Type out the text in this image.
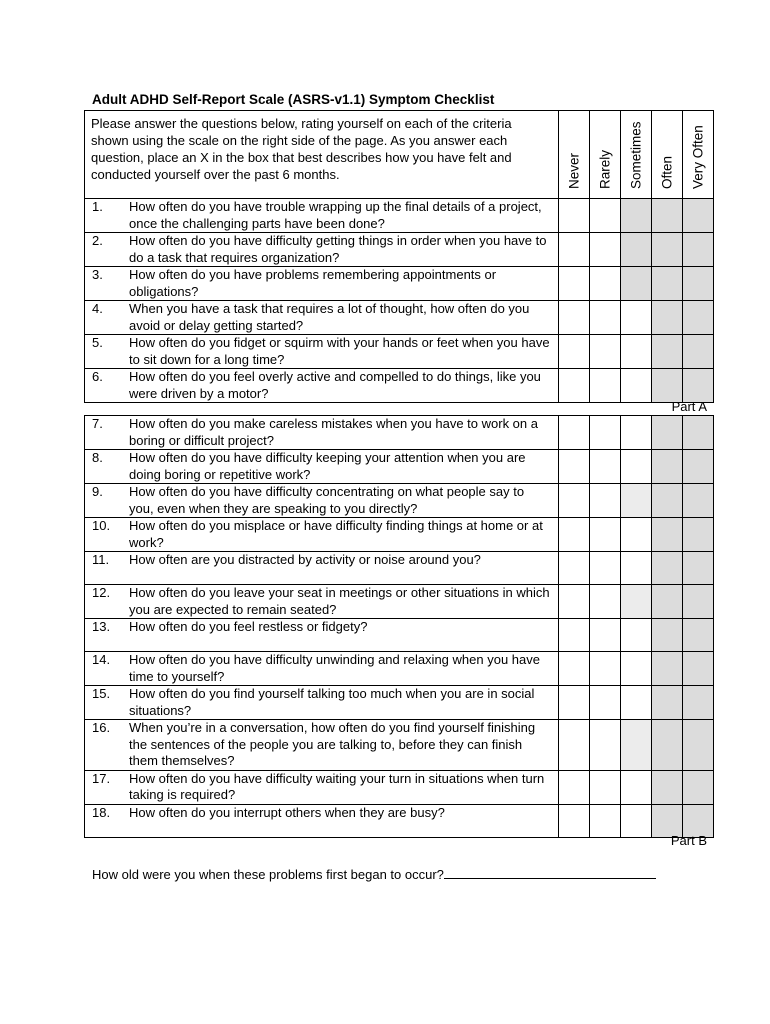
Adult ADHD Self-Report Scale (ASRS-v1.1) Symptom Checklist
Please answer the questions below, rating yourself on each of the criteria shown using the scale on the right side of the page. As you answer each question, place an X in the box that best describes how you have felt and conducted yourself over the past 6 months.	Never	Rarely	Sometimes	Often	Very Often

1. How often do you have trouble wrapping up the final details of a project, once the challenging parts have been done?					
2. How often do you have difficulty getting things in order when you have to do a task that requires organization?					
3. How often do you have problems remembering appointments or obligations?					
4. When you have a task that requires a lot of thought, how often do you avoid or delay getting started?					
5. How often do you fidget or squirm with your hands or feet when you have to sit down for a long time?					
6. How often do you feel overly active and compelled to do things, like you were driven by a motor?					
Part A
7. How often do you make careless mistakes when you have to work on a boring or difficult project?					
8. How often do you have difficulty keeping your attention when you are doing boring or repetitive work?					
9. How often do you have difficulty concentrating on what people say to you, even when they are speaking to you directly?					
10. How often do you misplace or have difficulty finding things at home or at work?					
11. How often are you distracted by activity or noise around you?					
12. How often do you leave your seat in meetings or other situations in which you are expected to remain seated?					
13. How often do you feel restless or fidgety?					
14. How often do you have difficulty unwinding and relaxing when you have time to yourself?					
15. How often do you find yourself talking too much when you are in social situations?					
16. When you’re in a conversation, how often do you find yourself finishing the sentences of the people you are talking to, before they can finish them themselves?					
17. How often do you have difficulty waiting your turn in situations when turn taking is required?					
18. How often do you interrupt others when they are busy?					
Part B
How old were you when these problems first began to occur?
